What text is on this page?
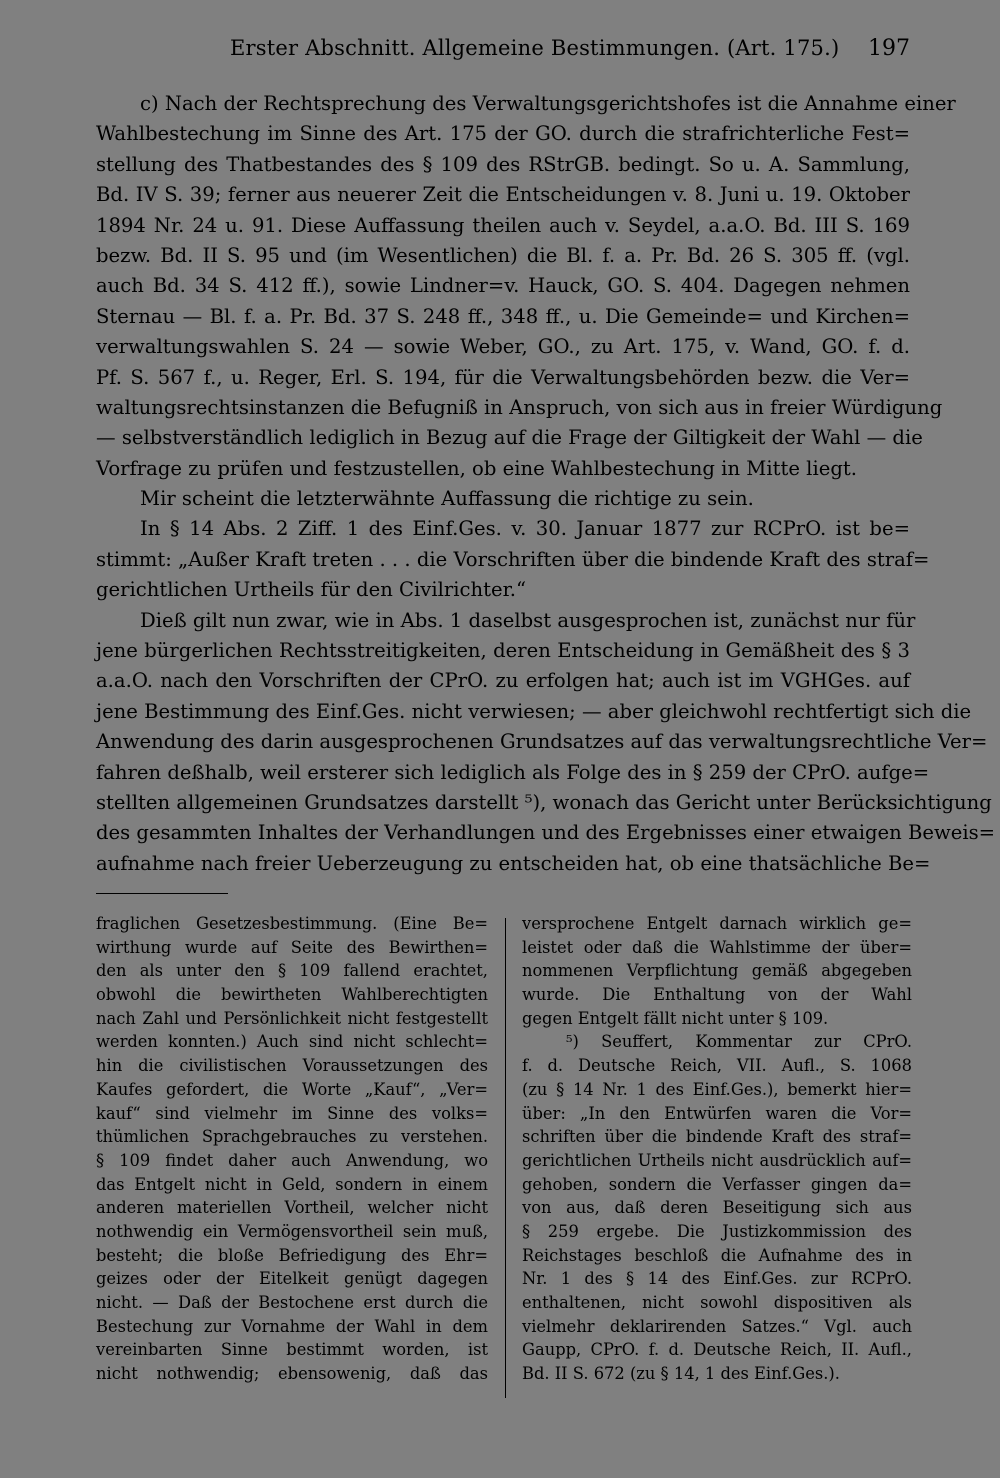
Erster Abschnitt. Allgemeine Bestimmungen. (Art. 175.) 197
c) Nach der Rechtsprechung des Verwaltungsgerichtshofes ist die Annahme einer
Wahlbestechung im Sinne des Art. 175 der GO. durch die strafrichterliche Fest=
stellung des Thatbestandes des § 109 des RStrGB. bedingt. So u. A. Sammlung,
Bd. IV S. 39; ferner aus neuerer Zeit die Entscheidungen v. 8. Juni u. 19. Oktober
1894 Nr. 24 u. 91. Diese Auffassung theilen auch v. Seydel, a.a.O. Bd. III S. 169
bezw. Bd. II S. 95 und (im Wesentlichen) die Bl. f. a. Pr. Bd. 26 S. 305 ff. (vgl.
auch Bd. 34 S. 412 ff.), sowie Lindner=v. Hauck, GO. S. 404. Dagegen nehmen
Sternau — Bl. f. a. Pr. Bd. 37 S. 248 ff., 348 ff., u. Die Gemeinde= und Kirchen=
verwaltungswahlen S. 24 — sowie Weber, GO., zu Art. 175, v. Wand, GO. f. d.
Pf. S. 567 f., u. Reger, Erl. S. 194, für die Verwaltungsbehörden bezw. die Ver=
waltungsrechtsinstanzen die Befugniß in Anspruch, von sich aus in freier Würdigung
— selbstverständlich lediglich in Bezug auf die Frage der Giltigkeit der Wahl — die
Vorfrage zu prüfen und festzustellen, ob eine Wahlbestechung in Mitte liegt.
Mir scheint die letzterwähnte Auffassung die richtige zu sein.
In § 14 Abs. 2 Ziff. 1 des Einf.Ges. v. 30. Januar 1877 zur RCPrO. ist be=
stimmt: „Außer Kraft treten . . . die Vorschriften über die bindende Kraft des straf=
gerichtlichen Urtheils für den Civilrichter.“
Dieß gilt nun zwar, wie in Abs. 1 daselbst ausgesprochen ist, zunächst nur für
jene bürgerlichen Rechtsstreitigkeiten, deren Entscheidung in Gemäßheit des § 3
a.a.O. nach den Vorschriften der CPrO. zu erfolgen hat; auch ist im VGHGes. auf
jene Bestimmung des Einf.Ges. nicht verwiesen; — aber gleichwohl rechtfertigt sich die
Anwendung des darin ausgesprochenen Grundsatzes auf das verwaltungsrechtliche Ver=
fahren deßhalb, weil ersterer sich lediglich als Folge des in § 259 der CPrO. aufge=
stellten allgemeinen Grundsatzes darstellt ⁵), wonach das Gericht unter Berücksichtigung
des gesammten Inhaltes der Verhandlungen und des Ergebnisses einer etwaigen Beweis=
aufnahme nach freier Ueberzeugung zu entscheiden hat, ob eine thatsächliche Be=
fraglichen Gesetzesbestimmung. (Eine Be=
wirthung wurde auf Seite des Bewirthen=
den als unter den § 109 fallend erachtet,
obwohl die bewirtheten Wahlberechtigten
nach Zahl und Persönlichkeit nicht festgestellt
werden konnten.) Auch sind nicht schlecht=
hin die civilistischen Voraussetzungen des
Kaufes gefordert, die Worte „Kauf“, „Ver=
kauf“ sind vielmehr im Sinne des volks=
thümlichen Sprachgebrauches zu verstehen.
§ 109 findet daher auch Anwendung, wo
das Entgelt nicht in Geld, sondern in einem
anderen materiellen Vortheil, welcher nicht
nothwendig ein Vermögensvortheil sein muß,
besteht; die bloße Befriedigung des Ehr=
geizes oder der Eitelkeit genügt dagegen
nicht. — Daß der Bestochene erst durch die
Bestechung zur Vornahme der Wahl in dem
vereinbarten Sinne bestimmt worden, ist
nicht nothwendig; ebensowenig, daß das
versprochene Entgelt darnach wirklich ge=
leistet oder daß die Wahlstimme der über=
nommenen Verpflichtung gemäß abgegeben
wurde. Die Enthaltung von der Wahl
gegen Entgelt fällt nicht unter § 109.
⁵) Seuffert, Kommentar zur CPrO.
f. d. Deutsche Reich, VII. Aufl., S. 1068
(zu § 14 Nr. 1 des Einf.Ges.), bemerkt hier=
über: „In den Entwürfen waren die Vor=
schriften über die bindende Kraft des straf=
gerichtlichen Urtheils nicht ausdrücklich auf=
gehoben, sondern die Verfasser gingen da=
von aus, daß deren Beseitigung sich aus
§ 259 ergebe. Die Justizkommission des
Reichstages beschloß die Aufnahme des in
Nr. 1 des § 14 des Einf.Ges. zur RCPrO.
enthaltenen, nicht sowohl dispositiven als
vielmehr deklarirenden Satzes.“ Vgl. auch
Gaupp, CPrO. f. d. Deutsche Reich, II. Aufl.,
Bd. II S. 672 (zu § 14, 1 des Einf.Ges.).
